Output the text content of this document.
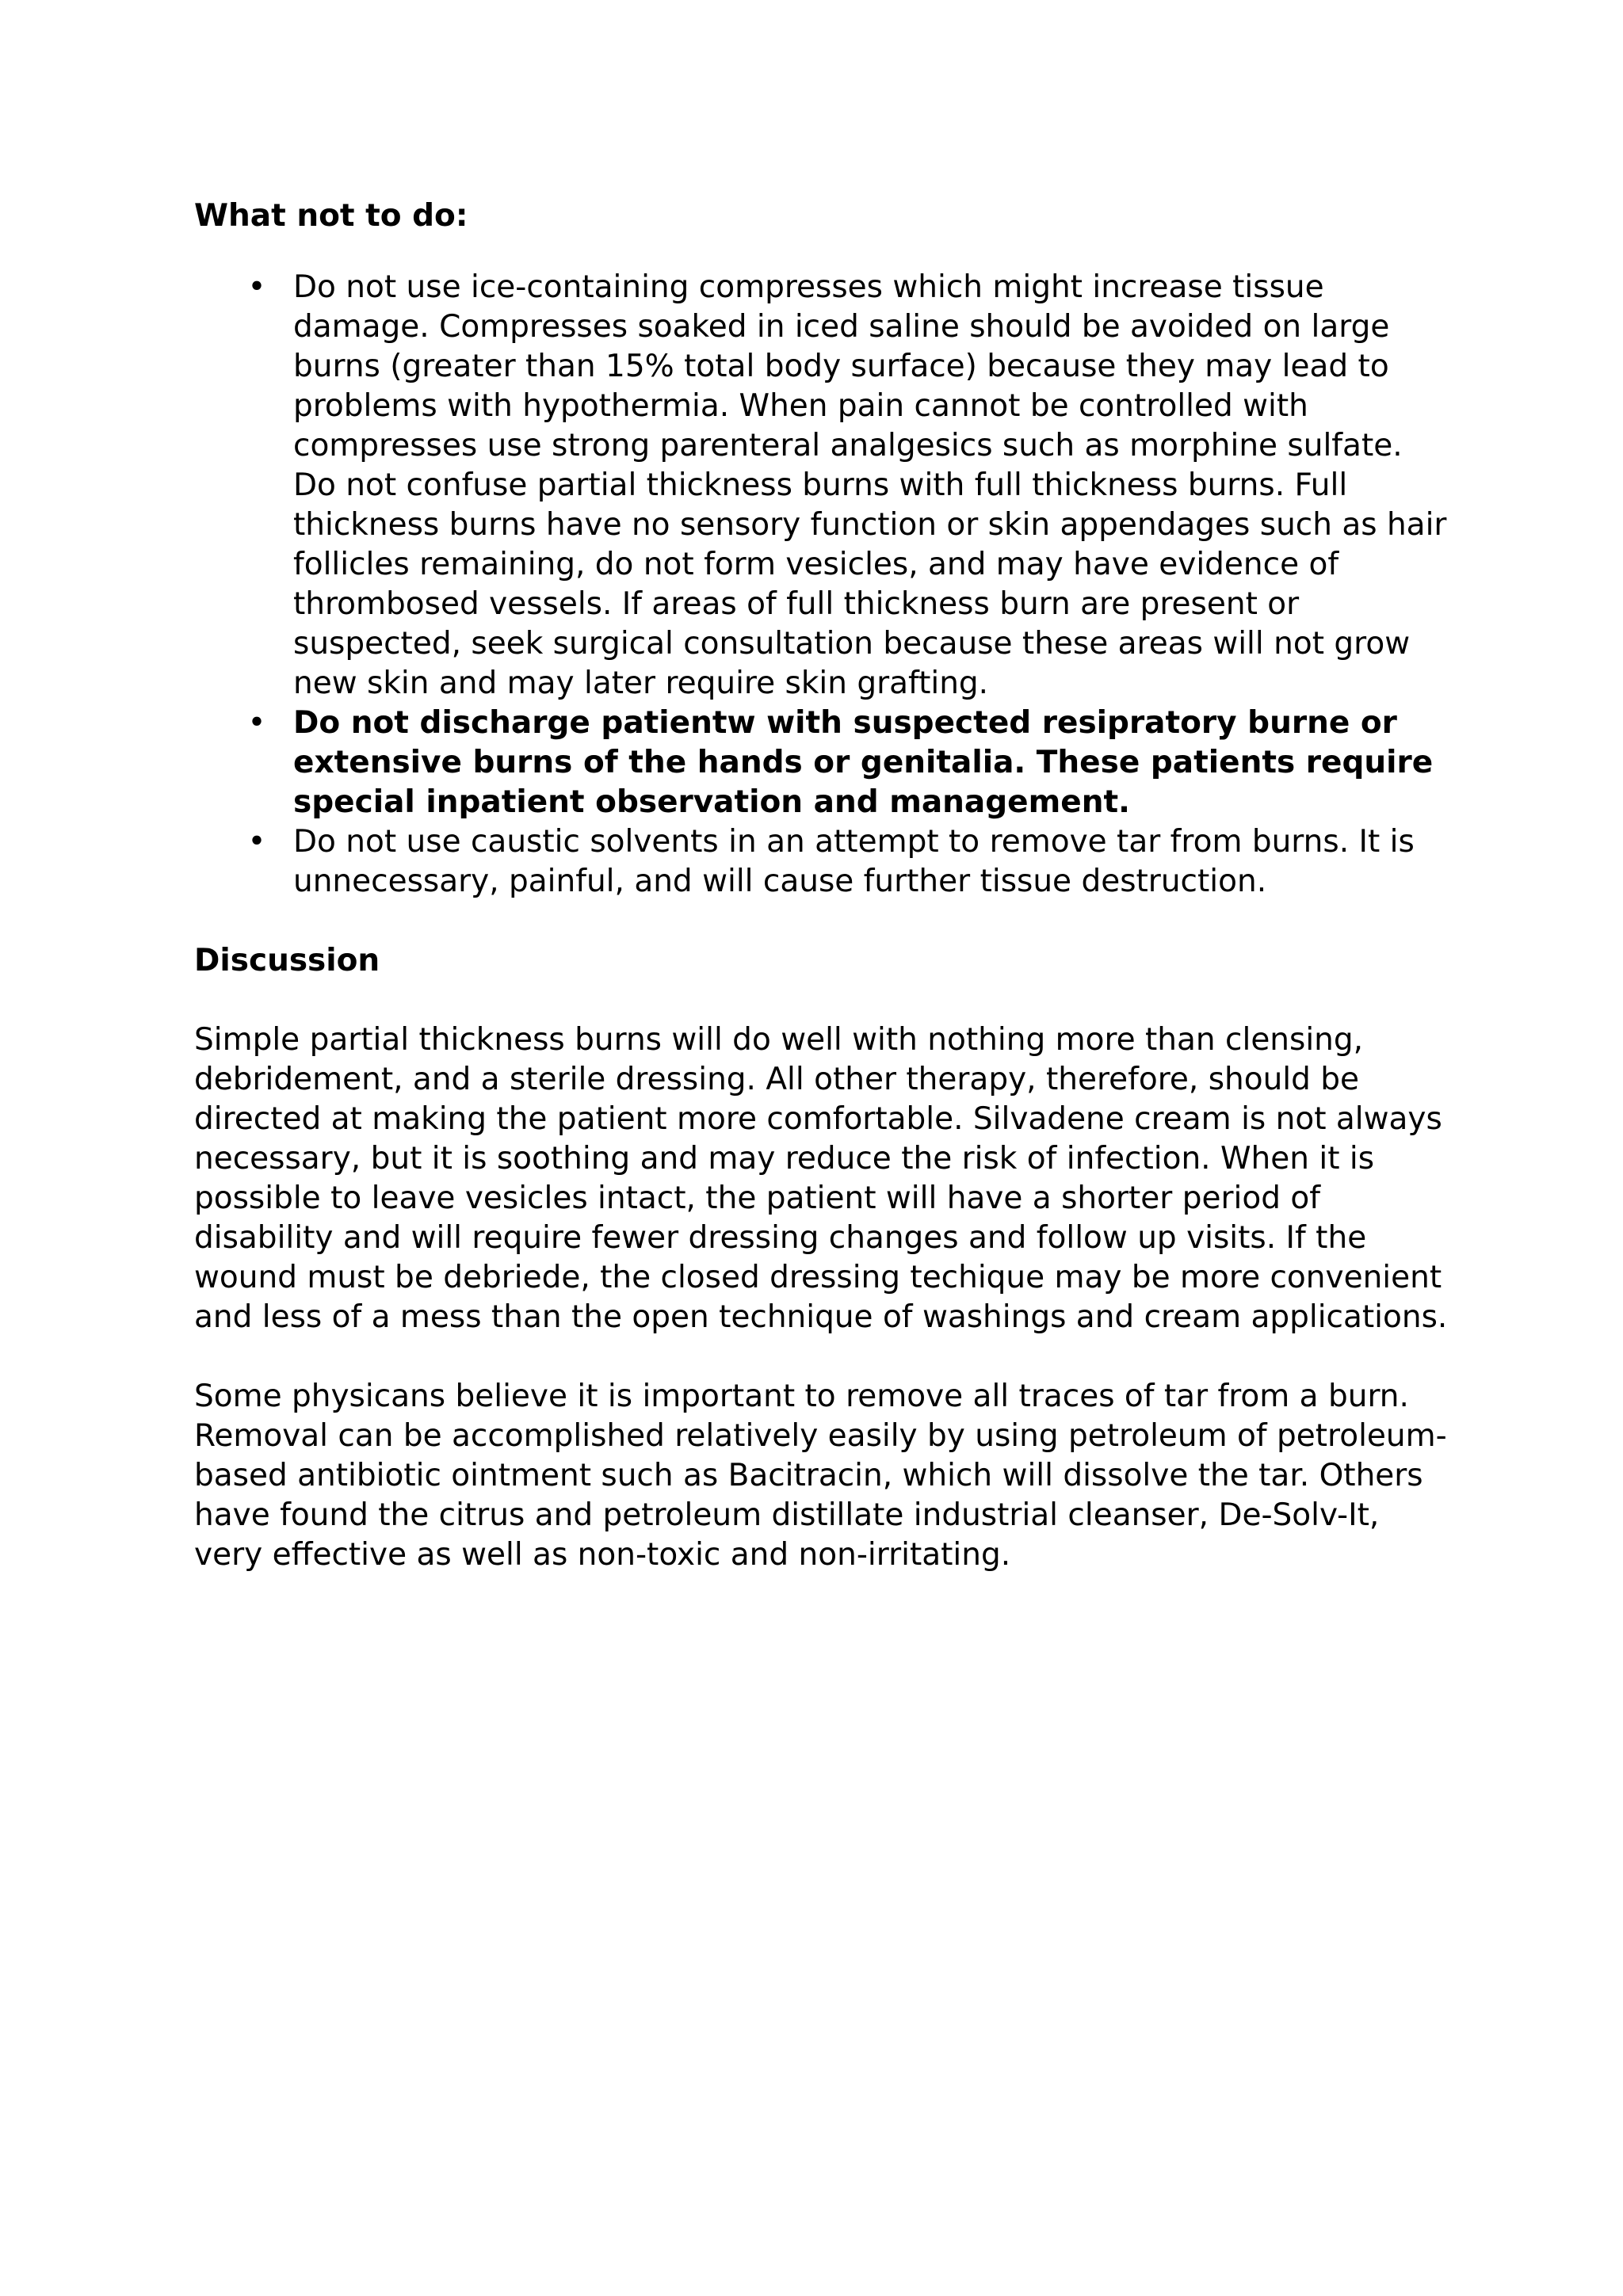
What not to do:
• Do not use ice-containing compresses which might increase tissue damage. Compresses soaked in iced saline should be avoided on large burns (greater than 15% total body surface) because they may lead to problems with hypothermia. When pain cannot be controlled with compresses use strong parenteral analgesics such as morphine sulfate. Do not confuse partial thickness burns with full thickness burns. Full thickness burns have no sensory function or skin appendages such as hair follicles remaining, do not form vesicles, and may have evidence of thrombosed vessels. If areas of full thickness burn are present or suspected, seek surgical consultation because these areas will not grow new skin and may later require skin grafting.
• Do not discharge patientw with suspected resipratory burne or extensive burns of the hands or genitalia. These patients require special inpatient observation and management.
• Do not use caustic solvents in an attempt to remove tar from burns. It is unnecessary, painful, and will cause further tissue destruction.
Discussion

Simple partial thickness burns will do well with nothing more than clensing, debridement, and a sterile dressing. All other therapy, therefore, should be directed at making the patient more comfortable. Silvadene cream is not always necessary, but it is soothing and may reduce the risk of infection. When it is possible to leave vesicles intact, the patient will have a shorter period of disability and will require fewer dressing changes and follow up visits. If the wound must be debriede, the closed dressing techique may be more convenient and less of a mess than the open technique of washings and cream applications.

Some physicans believe it is important to remove all traces of tar from a burn. Removal can be accomplished relatively easily by using petroleum of petroleum-based antibiotic ointment such as Bacitracin, which will dissolve the tar. Others have found the citrus and petroleum distillate industrial cleanser, De-Solv-It, very effective as well as non-toxic and non-irritating.
